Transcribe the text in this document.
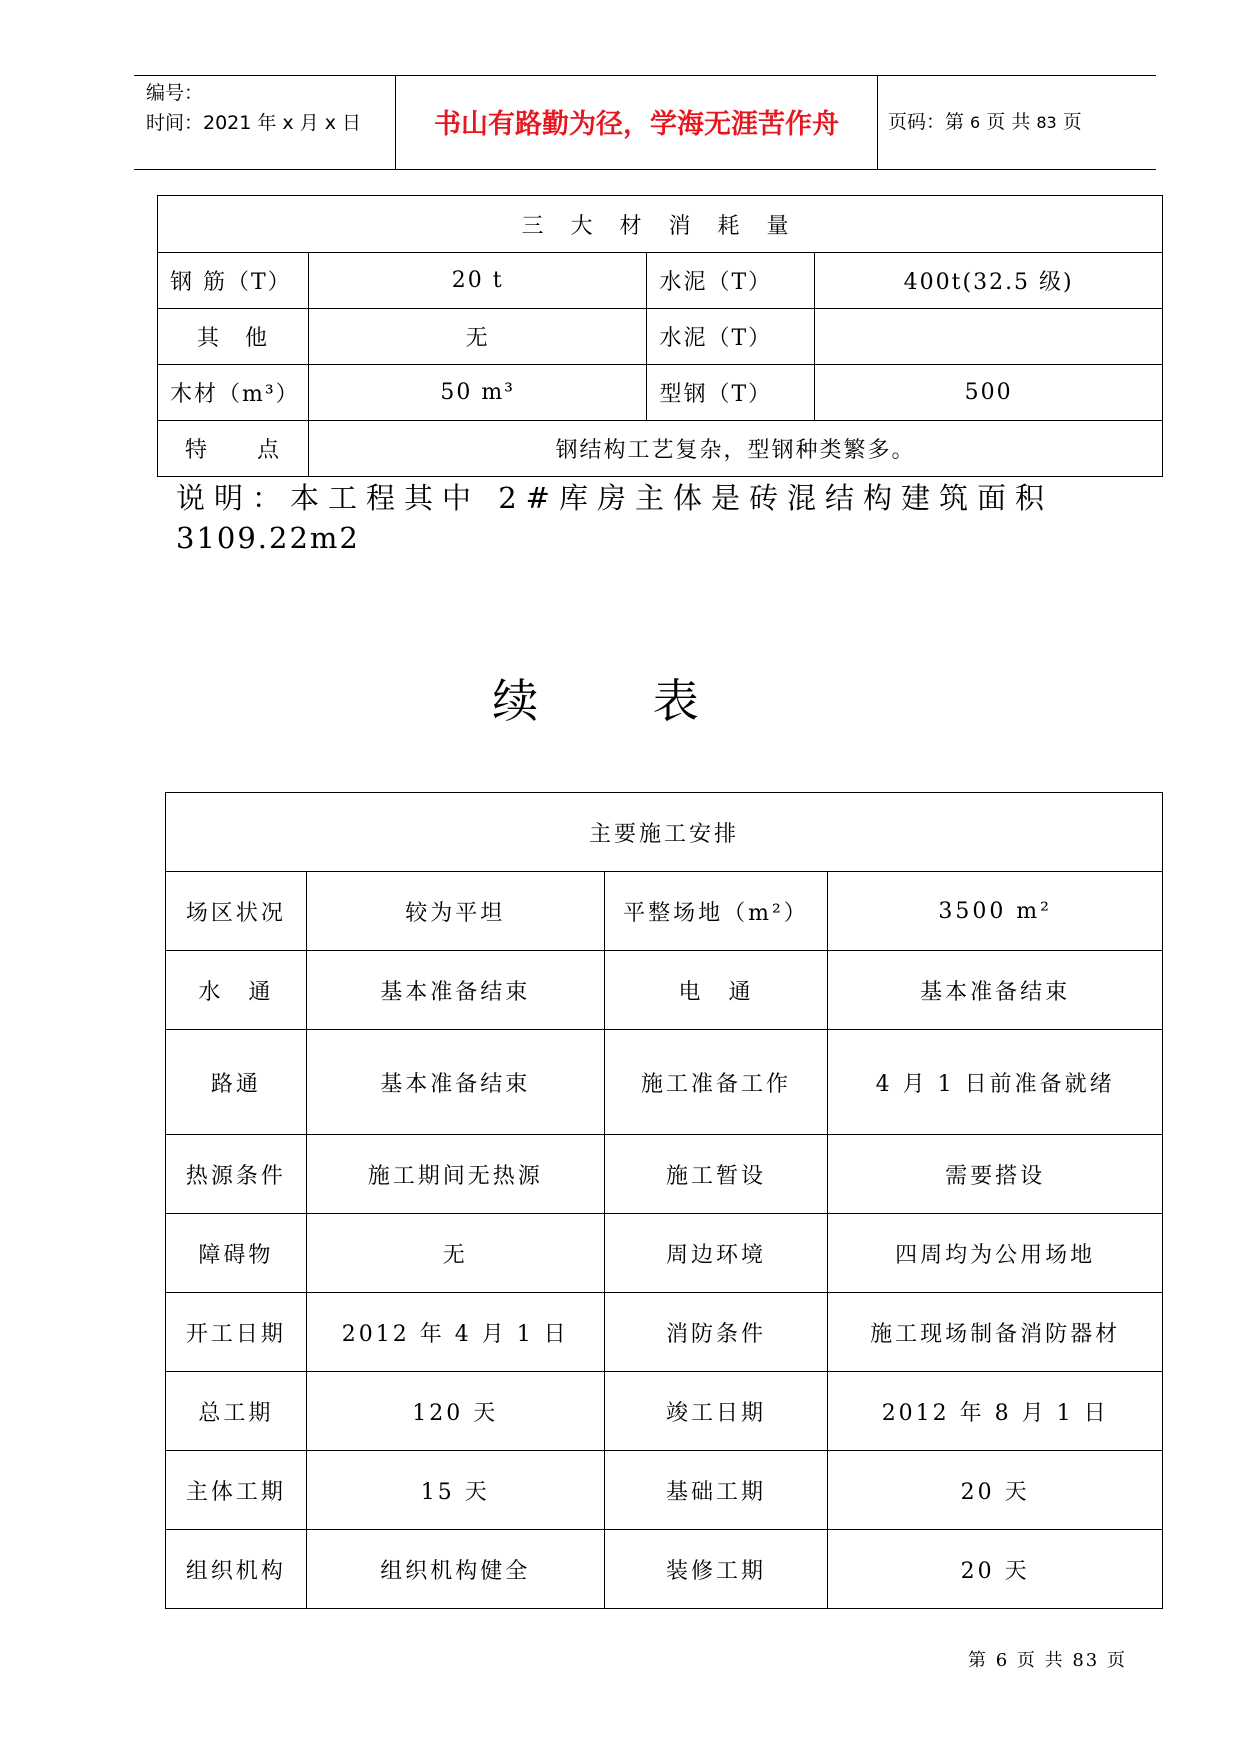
编号：
时间：2021 年 x 月 x 日	书山有路勤为径，学海无涯苦作舟	页码：第 6 页 共 83 页
三 大 材 消 耗 量			
钢 筋（T）	20 t	水泥（T）	400t(32.5 级)
其　他	无	水泥（T）	
木材（m³）	50 m³	型钢（T）	500
特　　点	钢结构工艺复杂，型钢种类繁多。		
说明：本工程其中 2#库房主体是砖混结构建筑面积
3109.22m2
续 表
主要施工安排			
场区状况	较为平坦	平整场地（m²）	3500 m²
水　通	基本准备结束	电　通	基本准备结束
路通	基本准备结束	施工准备工作	4 月 1 日前准备就绪
热源条件	施工期间无热源	施工暂设	需要搭设
障碍物	无	周边环境	四周均为公用场地
开工日期	2012 年 4 月 1 日	消防条件	施工现场制备消防器材
总工期	120 天	竣工日期	2012 年 8 月 1 日
主体工期	15 天	基础工期	20 天
组织机构	组织机构健全	装修工期	20 天
第 6 页 共 83 页
